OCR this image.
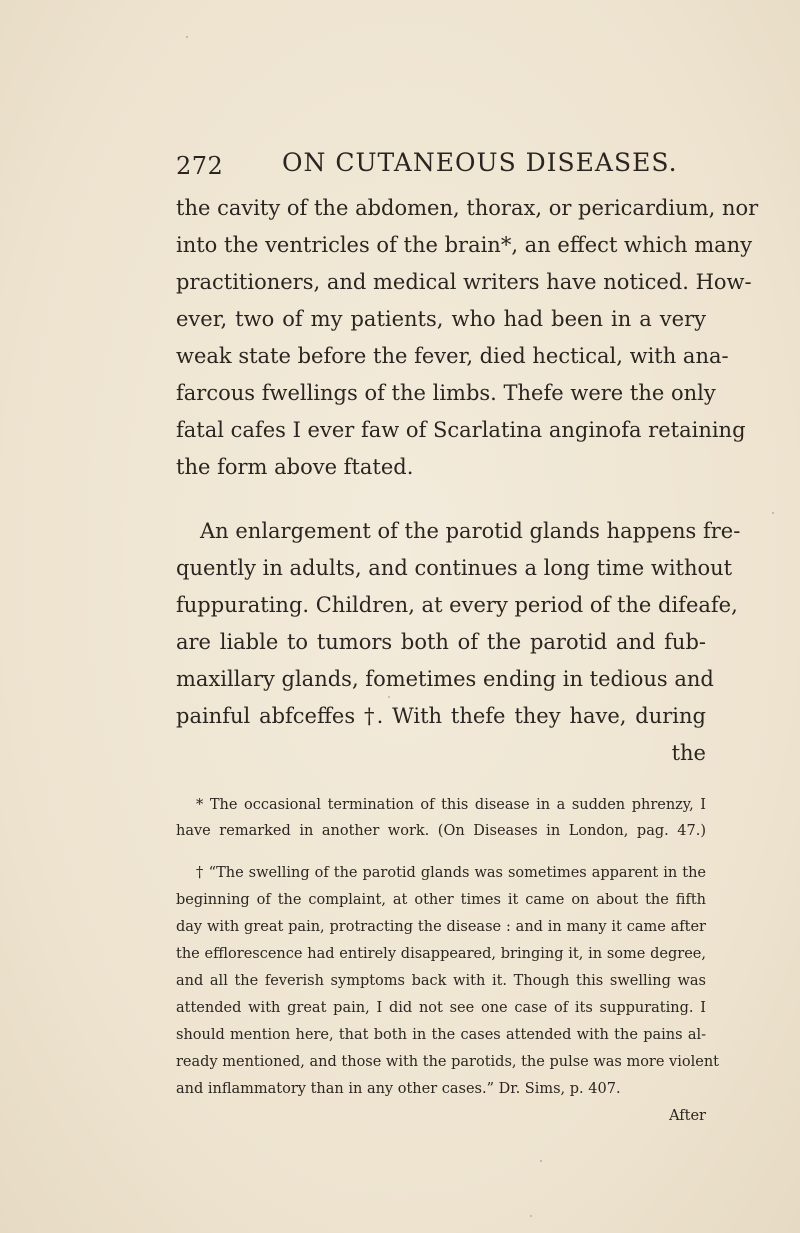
272 ON CUTANEOUS DISEASES.
the cavity of the abdomen, thorax, or pericardium, nor
into the ventricles of the brain*, an effect which many
practitioners, and medical writers have noticed. How-
ever, two of my patients, who had been in a very
weak state before the fever, died hectical, with ana-
farcous fwellings of the limbs. Thefe were the only
fatal cafes I ever faw of Scarlatina anginofa retaining
the form above ftated.
An enlargement of the parotid glands happens fre-
quently in adults, and continues a long time without
fuppurating. Children, at every period of the difeafe,
are liable to tumors both of the parotid and fub-
maxillary glands, fometimes ending in tedious and
painful abfceffes †. With thefe they have, during
the
* The occasional termination of this disease in a sudden phrenzy, I
have remarked in another work. (On Diseases in London, pag. 47.)
† “The swelling of the parotid glands was sometimes apparent in the
beginning of the complaint, at other times it came on about the fifth
day with great pain, protracting the disease : and in many it came after
the efflorescence had entirely disappeared, bringing it, in some degree,
and all the feverish symptoms back with it. Though this swelling was
attended with great pain, I did not see one case of its suppurating. I
should mention here, that both in the cases attended with the pains al-
ready mentioned, and those with the parotids, the pulse was more violent
and inflammatory than in any other cases.” Dr. Sims, p. 407.
After
